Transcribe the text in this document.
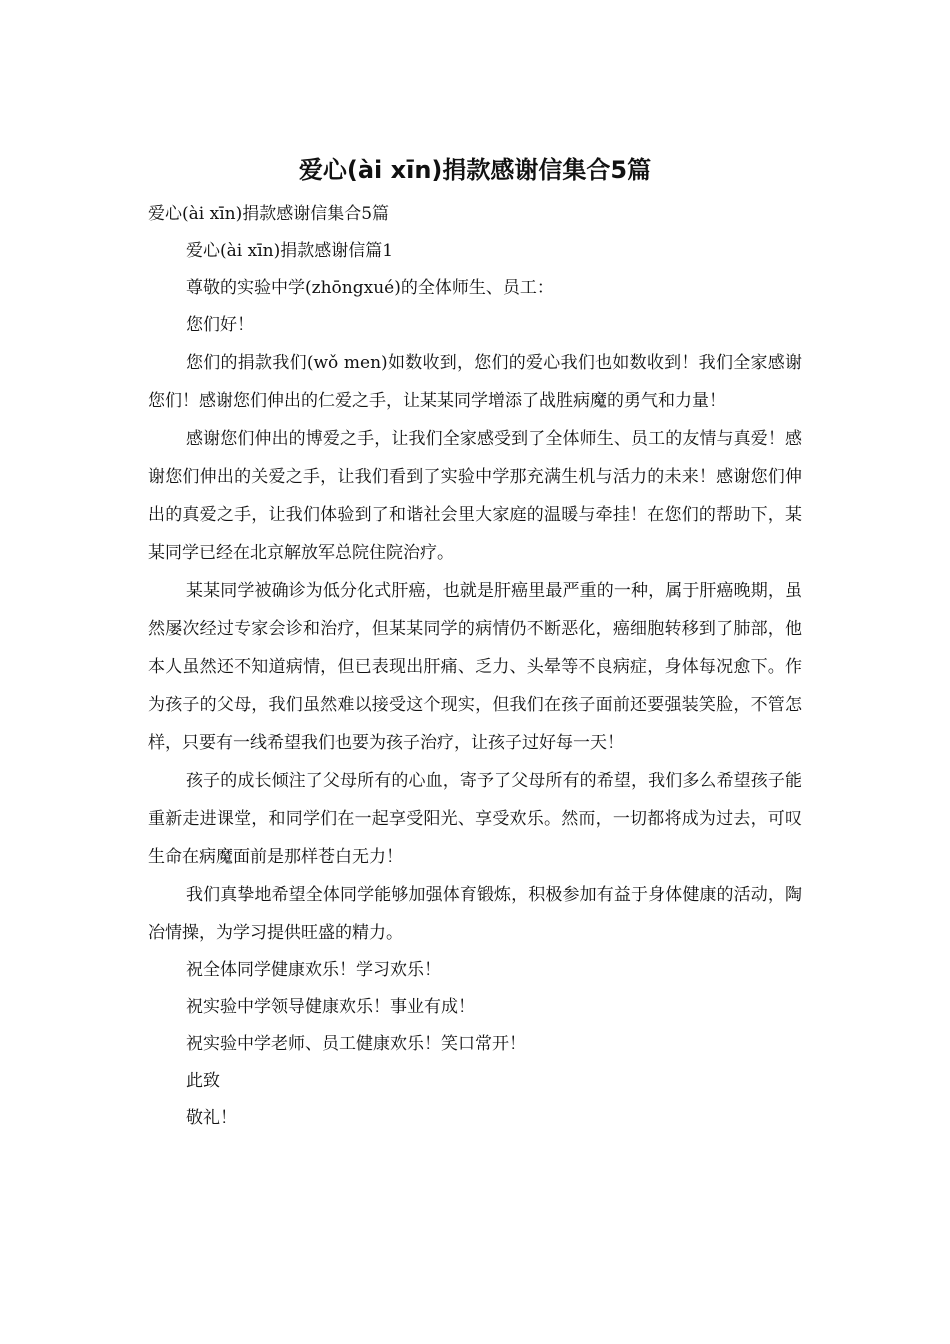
爱心(ài xīn)捐款感谢信集合5篇

爱心(ài xīn)捐款感谢信集合5篇

爱心(ài xīn)捐款感谢信篇1

尊敬的实验中学(zhōngxué)的全体师生、员工：

您们好！

您们的捐款我们(wǒ men)如数收到，您们的爱心我们也如数收到！我们全家感谢您们！感谢您们伸出的仁爱之手，让某某同学增添了战胜病魔的勇气和力量！

感谢您们伸出的博爱之手，让我们全家感受到了全体师生、员工的友情与真爱！感谢您们伸出的关爱之手，让我们看到了实验中学那充满生机与活力的未来！感谢您们伸出的真爱之手，让我们体验到了和谐社会里大家庭的温暖与牵挂！在您们的帮助下，某某同学已经在北京解放军总院住院治疗。

某某同学被确诊为低分化式肝癌，也就是肝癌里最严重的一种，属于肝癌晚期，虽然屡次经过专家会诊和治疗，但某某同学的病情仍不断恶化，癌细胞转移到了肺部，他本人虽然还不知道病情，但已表现出肝痛、乏力、头晕等不良病症，身体每况愈下。作为孩子的父母，我们虽然难以接受这个现实，但我们在孩子面前还要强装笑脸，不管怎样，只要有一线希望我们也要为孩子治疗，让孩子过好每一天！

孩子的成长倾注了父母所有的心血，寄予了父母所有的希望，我们多么希望孩子能重新走进课堂，和同学们在一起享受阳光、享受欢乐。然而，一切都将成为过去，可叹生命在病魔面前是那样苍白无力！

我们真挚地希望全体同学能够加强体育锻炼，积极参加有益于身体健康的活动，陶冶情操，为学习提供旺盛的精力。

祝全体同学健康欢乐！学习欢乐！

祝实验中学领导健康欢乐！事业有成！

祝实验中学老师、员工健康欢乐！笑口常开！

此致

敬礼！
